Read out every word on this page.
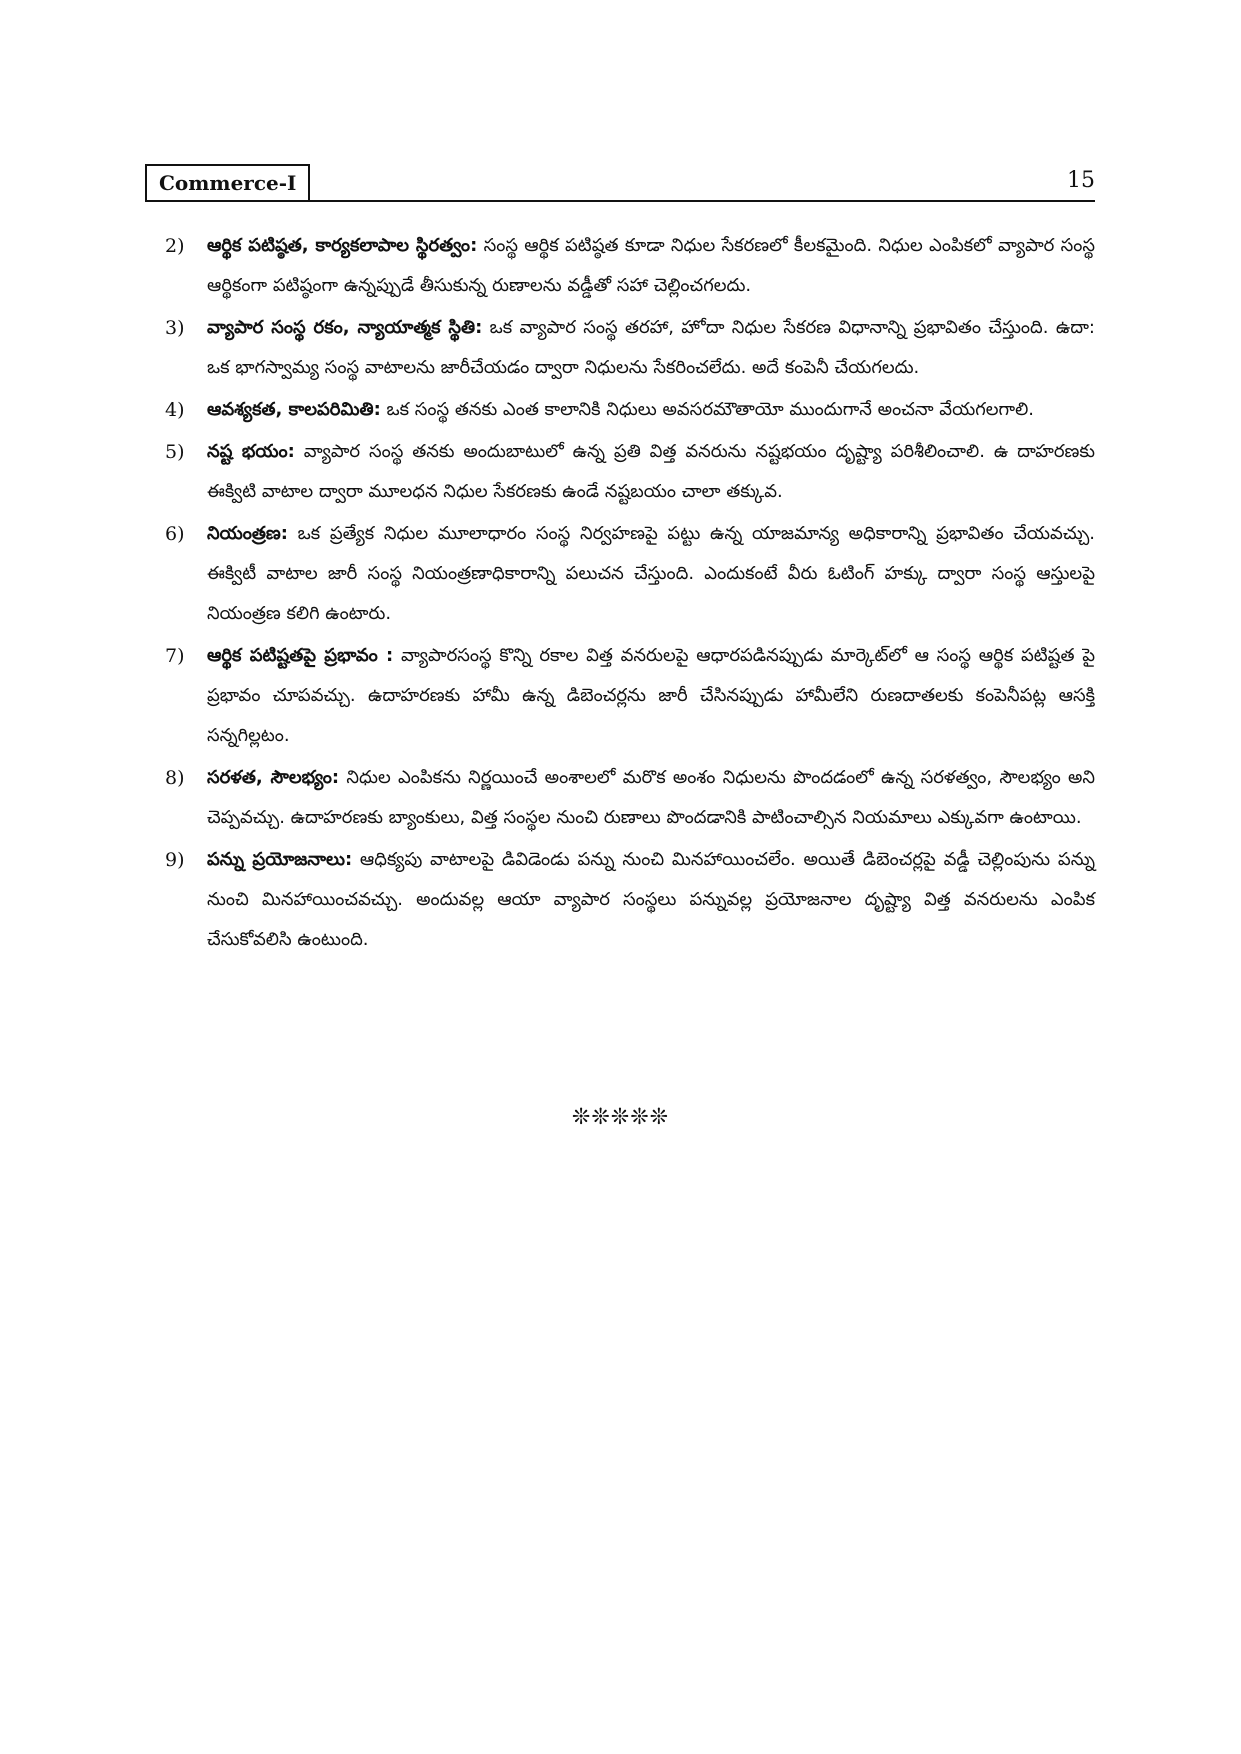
Commerce-I	15
2) ఆర్థిక పటిష్ఠత, కార్యకలాపాల స్థిరత్వం: సంస్థ ఆర్థిక పటిష్ఠత కూడా నిధుల సేకరణలో కీలకమైంది. నిధుల ఎంపికలో వ్యాపార సంస్థ ఆర్థికంగా పటిష్ఠంగా ఉన్నప్పుడే తీసుకున్న రుణాలను వడ్డీతో సహా చెల్లించగలదు.
3) వ్యాపార సంస్థ రకం, న్యాయాత్మక స్థితి: ఒక వ్యాపార సంస్థ తరహా, హోదా నిధుల సేకరణ విధానాన్ని ప్రభావితం చేస్తుంది. ఉదా: ఒక భాగస్వామ్య సంస్థ వాటాలను జారీచేయడం ద్వారా నిధులను సేకరించలేదు. అదే కంపెనీ చేయగలదు.
4) ఆవశ్యకత, కాలపరిమితి: ఒక సంస్థ తనకు ఎంత కాలానికి నిధులు అవసరమౌతాయో ముందుగానే అంచనా వేయగలగాలి.
5) నష్ట భయం: వ్యాపార సంస్థ తనకు అందుబాటులో ఉన్న ప్రతి విత్త వనరును నష్టభయం దృష్ట్యా పరిశీలించాలి. ఉ దాహరణకు ఈక్విటి వాటాల ద్వారా మూలధన నిధుల సేకరణకు ఉండే నష్టబయం చాలా తక్కువ.
6) నియంత్రణ: ఒక ప్రత్యేక నిధుల మూలాధారం సంస్థ నిర్వహణపై పట్టు ఉన్న యాజమాన్య అధికారాన్ని ప్రభావితం చేయవచ్చు. ఈక్విటీ వాటాల జారీ సంస్థ నియంత్రణాధికారాన్ని పలుచన చేస్తుంది. ఎందుకంటే వీరు ఓటింగ్ హక్కు ద్వారా సంస్థ ఆస్తులపై నియంత్రణ కలిగి ఉంటారు.
7) ఆర్థిక పటిష్టతపై ప్రభావం : వ్యాపారసంస్థ కొన్ని రకాల విత్త వనరులపై ఆధారపడినప్పుడు మార్కెట్‌లో ఆ సంస్థ ఆర్థిక పటిష్టత పై ప్రభావం చూపవచ్చు. ఉదాహరణకు హామీ ఉన్న డిబెంచర్లను జారీ చేసినప్పుడు హామీలేని రుణదాతలకు కంపెనీపట్ల ఆసక్తి సన్నగిల్లటం.
8) సరళత, సౌలభ్యం: నిధుల ఎంపికను నిర్ణయించే అంశాలలో మరొక అంశం నిధులను పొందడంలో ఉన్న సరళత్వం, సౌలభ్యం అని చెప్పవచ్చు. ఉదాహరణకు బ్యాంకులు, విత్త సంస్థల నుంచి రుణాలు పొందడానికి పాటించాల్సిన నియమాలు ఎక్కువగా ఉంటాయి.
9) పన్ను ప్రయోజనాలు: ఆధిక్యపు వాటాలపై డివిడెండు పన్ను నుంచి మినహాయించలేం. అయితే డిబెంచర్లపై వడ్డీ చెల్లింపును పన్ను నుంచి మినహాయించవచ్చు. అందువల్ల ఆయా వ్యాపార సంస్థలు పన్నువల్ల ప్రయోజనాల దృష్ట్యా విత్త వనరులను ఎంపిక చేసుకోవలిసి ఉంటుంది.
❊❊❊❊❊
